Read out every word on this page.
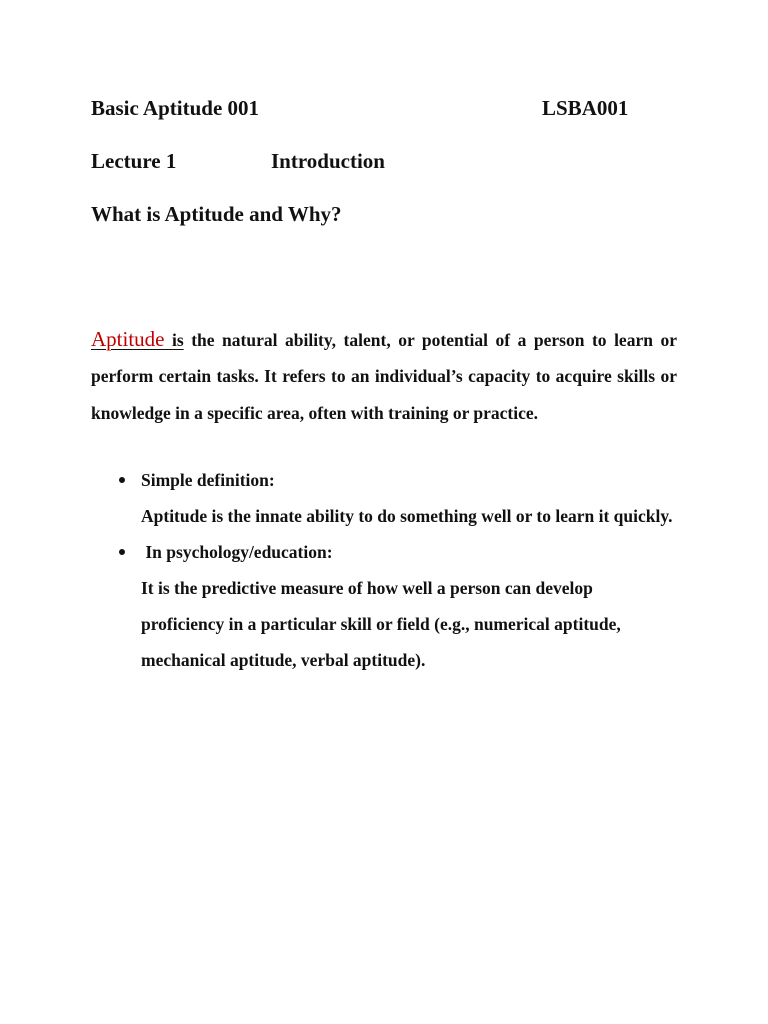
Basic Aptitude 001	LSBA001
Lecture 1	Introduction
What is Aptitude and Why?

Aptitude is the natural ability, talent, or potential of a person to learn or perform certain tasks. It refers to an individual’s capacity to acquire skills or knowledge in a specific area, often with training or practice.

Simple definition:
Aptitude is the innate ability to do something well or to learn it quickly.
In psychology/education:
It is the predictive measure of how well a person can develop proficiency in a particular skill or field (e.g., numerical aptitude, mechanical aptitude, verbal aptitude).
